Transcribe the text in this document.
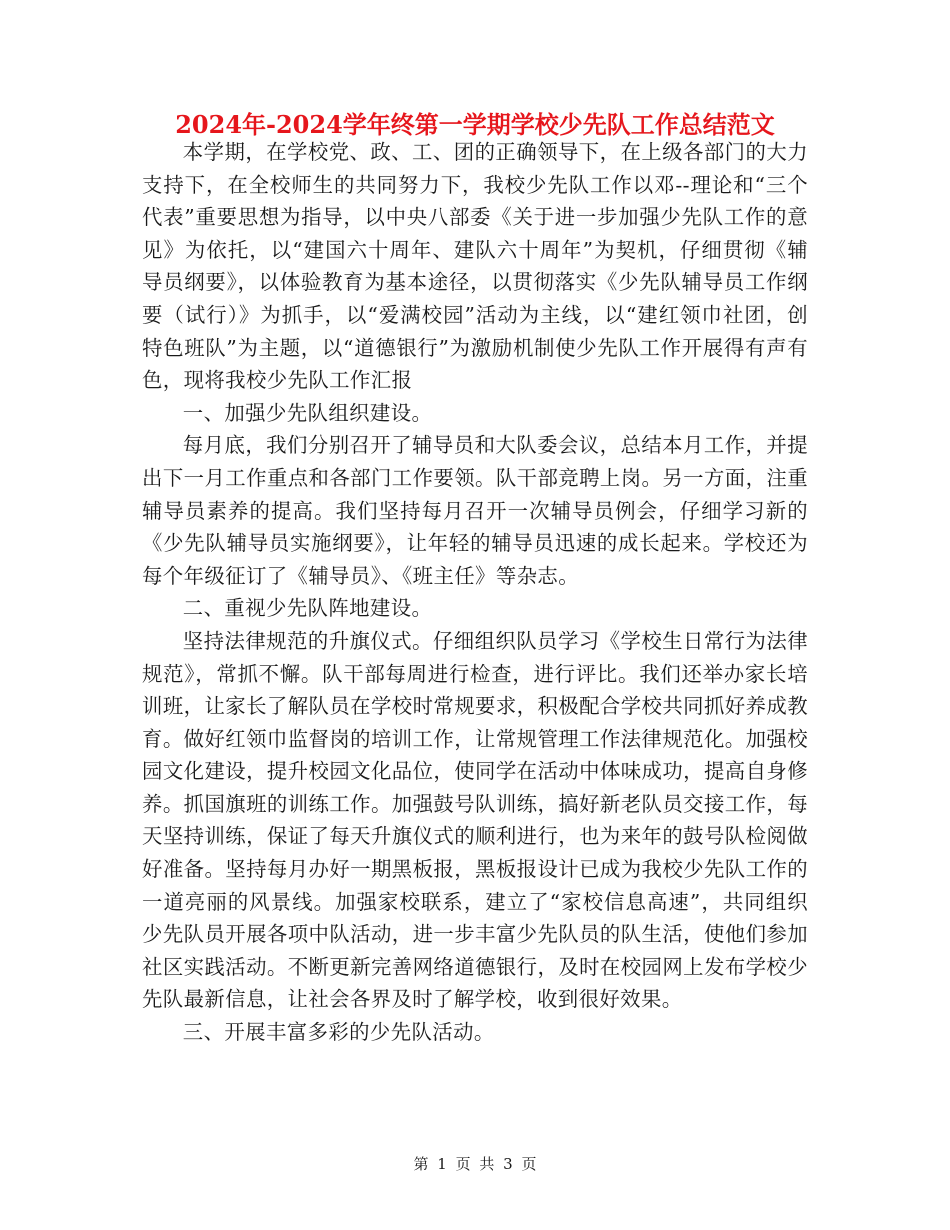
2024年-2024学年终第一学期学校少先队工作总结范文

本学期，在学校党、政、工、团的正确领导下，在上级各部门的大力支持下，在全校师生的共同努力下，我校少先队工作以邓--理论和“三个代表”重要思想为指导，以中央八部委《关于进一步加强少先队工作的意见》为依托，以“建国六十周年、建队六十周年”为契机，仔细贯彻《辅导员纲要》，以体验教育为基本途径，以贯彻落实《少先队辅导员工作纲要（试行）》为抓手，以“爱满校园”活动为主线，以“建红领巾社团，创特色班队”为主题，以“道德银行”为激励机制使少先队工作开展得有声有色，现将我校少先队工作汇报

一、加强少先队组织建设。

每月底，我们分别召开了辅导员和大队委会议，总结本月工作，并提出下一月工作重点和各部门工作要领。队干部竞聘上岗。另一方面，注重辅导员素养的提高。我们坚持每月召开一次辅导员例会，仔细学习新的《少先队辅导员实施纲要》，让年轻的辅导员迅速的成长起来。学校还为每个年级征订了《辅导员》、《班主任》等杂志。

二、重视少先队阵地建设。

坚持法律规范的升旗仪式。仔细组织队员学习《学校生日常行为法律规范》，常抓不懈。队干部每周进行检查，进行评比。我们还举办家长培训班，让家长了解队员在学校时常规要求，积极配合学校共同抓好养成教育。做好红领巾监督岗的培训工作，让常规管理工作法律规范化。加强校园文化建设，提升校园文化品位，使同学在活动中体味成功，提高自身修养。抓国旗班的训练工作。加强鼓号队训练，搞好新老队员交接工作，每天坚持训练，保证了每天升旗仪式的顺利进行，也为来年的鼓号队检阅做好准备。坚持每月办好一期黑板报，黑板报设计已成为我校少先队工作的一道亮丽的风景线。加强家校联系，建立了“家校信息高速”，共同组织少先队员开展各项中队活动，进一步丰富少先队员的队生活，使他们参加社区实践活动。不断更新完善网络道德银行，及时在校园网上发布学校少先队最新信息，让社会各界及时了解学校，收到很好效果。

三、开展丰富多彩的少先队活动。

第 1 页 共 3 页
